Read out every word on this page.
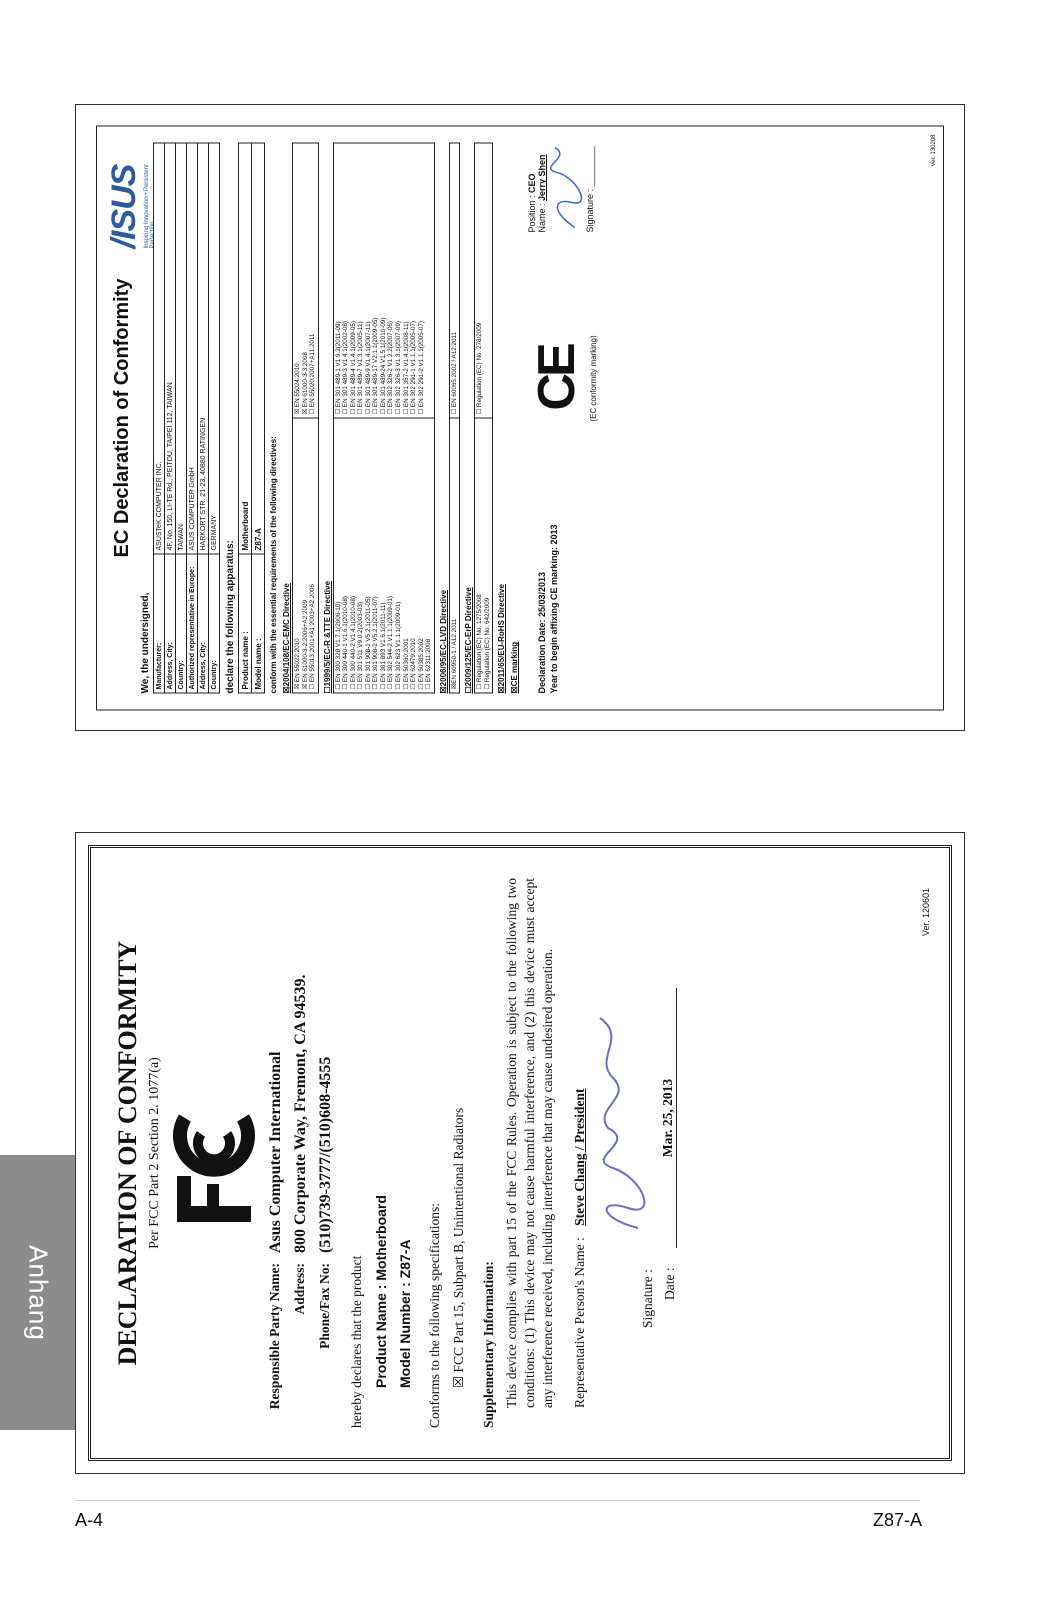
Anhang
/ISUS Inspiring Innovation • Persistent Perfection
EC Declaration of Conformity
We, the undersigned, Manufacturer:	ASUSTeK COMPUTER INC.
Address, City:	4F, No. 150, LI-TE Rd., PEITOU, TAIPEI 112, TAIWAN
Country:	TAIWAN
Authorized representative in Europe:	ASUS COMPUTER GmbH
Address, City:	HARKORT STR. 21-23, 40880 RATINGEN
Country:	GERMANY
declare the following apparatus: Product name :	Motherboard
Model name :	Z87-A conform with the essential requirements of the following directives: ☒2004/108/EC-EMC Directive ☒ EN 55022:2010
☒ EN 61000-3-2:2006+A2:2009
☐ EN 55013:2001+A1:2003+A2:2006
☒ EN 55024:2010
☒ EN 61000-3-3:2008
☐ EN 55020:2007+A11:2011
☐1999/5/EC-R &TTE Directive ☐ EN 300 328 V1.7.1(2006-10)
☐ EN 300 440-1 V1.6.1(2010-08)
☐ EN 300 440-2 V1.4.1(2010-08)
☐ EN 301 511 V9.0.2(2003-03)
☐ EN 301 908-1 V5.2.1(2011-05)
☐ EN 301 908-2 V5.2.1(2011-07)
☐ EN 301 893 V1.6.1(2011-11)
☐ EN 302 544-2 V1.1.1(2009-01)
☐ EN 302 623 V1.1.1(2009-01)
☐ EN 50360:2001
☐ EN 62479:2010
☐ EN 50385:2002
☐ EN 62311:2008
☐ EN 301 489-1 V1.9.2(2011-09)
☐ EN 301 489-3 V1.4.1(2002-08)
☐ EN 301 489-4 V1.4.1(2009-05)
☐ EN 301 489-7 V1.3.1(2005-11)
☐ EN 301 489-9 V1.4.1(2007-11)
☐ EN 301 489-17 V2.1.1(2009-05)
☐ EN 301 489-24 V1.5.1(2010-09)
☐ EN 302 326-2 V1.2.2(2007-06)
☐ EN 302 326-3 V1.3.1(2007-09)
☐ EN 301 357-2 V1.4.1(2008-11)
☐ EN 302 291-1 V1.1.1(2005-07)
☐ EN 302 291-2 V1.1.1(2005-07)
☒2006/95/EC-LVD Directive ☒EN 60950-1 / A12:2011
☐ EN 60065:2002 / A12:2011
☐2009/125/EC-ErP Directive ☐ Regulation (EC) No. 1275/2008
☐ Regulation (EC) No. 642/2009
☐ Regulation (EC) No. 278/2009
☒2011/65/EU-RoHS Directive ☒CE marking Declaration Date: 25/03/2013 Year to begin affixing CE marking: 2013
CE (EC conformity marking)
Position : CEO
Name : Jerry Shen
Signature : ________	Ver. 130208
DECLARATION OF CONFORMITY Per FCC Part 2 Section 2. 1077(a)
Responsible Party Name:
Asus Computer International
Address:
800 Corporate Way, Fremont, CA 94539.
Phone/Fax No:
(510)739-3777/(510)608-4555
hereby declares that the product Product Name : Motherboard Model Number : Z87-A Conforms to the following specifications: ☒ FCC Part 15, Subpart B, Unintentional Radiators Supplementary Information: This device complies with part 15 of the FCC Rules. Operation is subject to the following two conditions: (1) This device may not cause harmful interference, and (2) this device must accept any interference received, including interference that may cause undesired operation. Representative Person's Name : Steve Chang / President
Signature : Date :
Mar. 25, 2013
Ver. 120601
A-4	Z87-A
